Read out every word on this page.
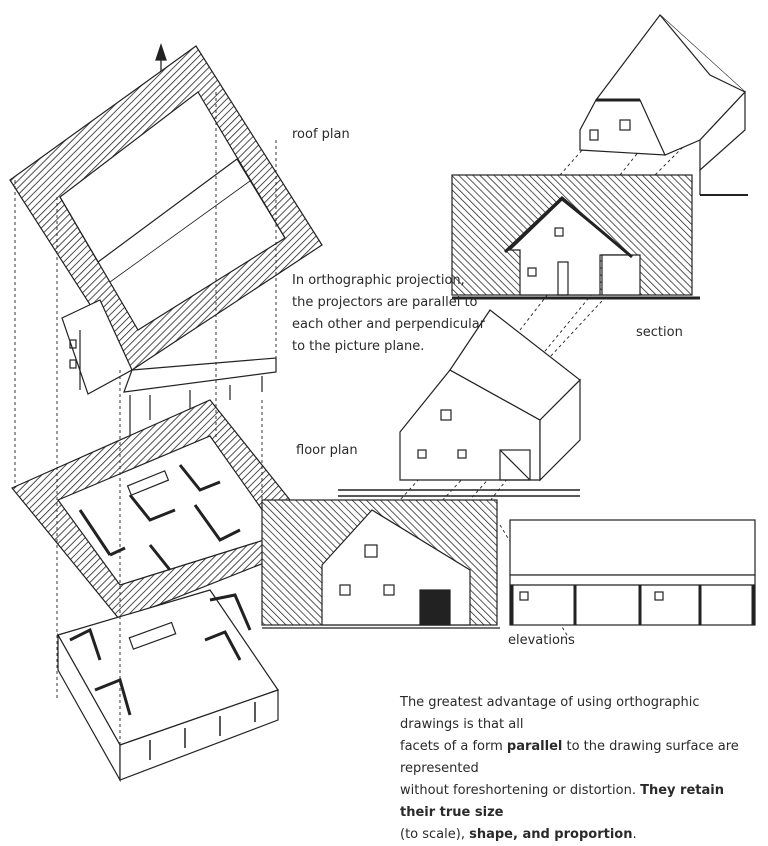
roof plan
floor plan
section
elevations
In orthographic projection,
the projectors are parallel to
each other and perpendicular
to the picture plane.
The greatest advantage of using orthographic drawings is that all
facets of a form parallel to the drawing surface are represented
without foreshortening or distortion. They retain their true size
(to scale), shape, and proportion.
